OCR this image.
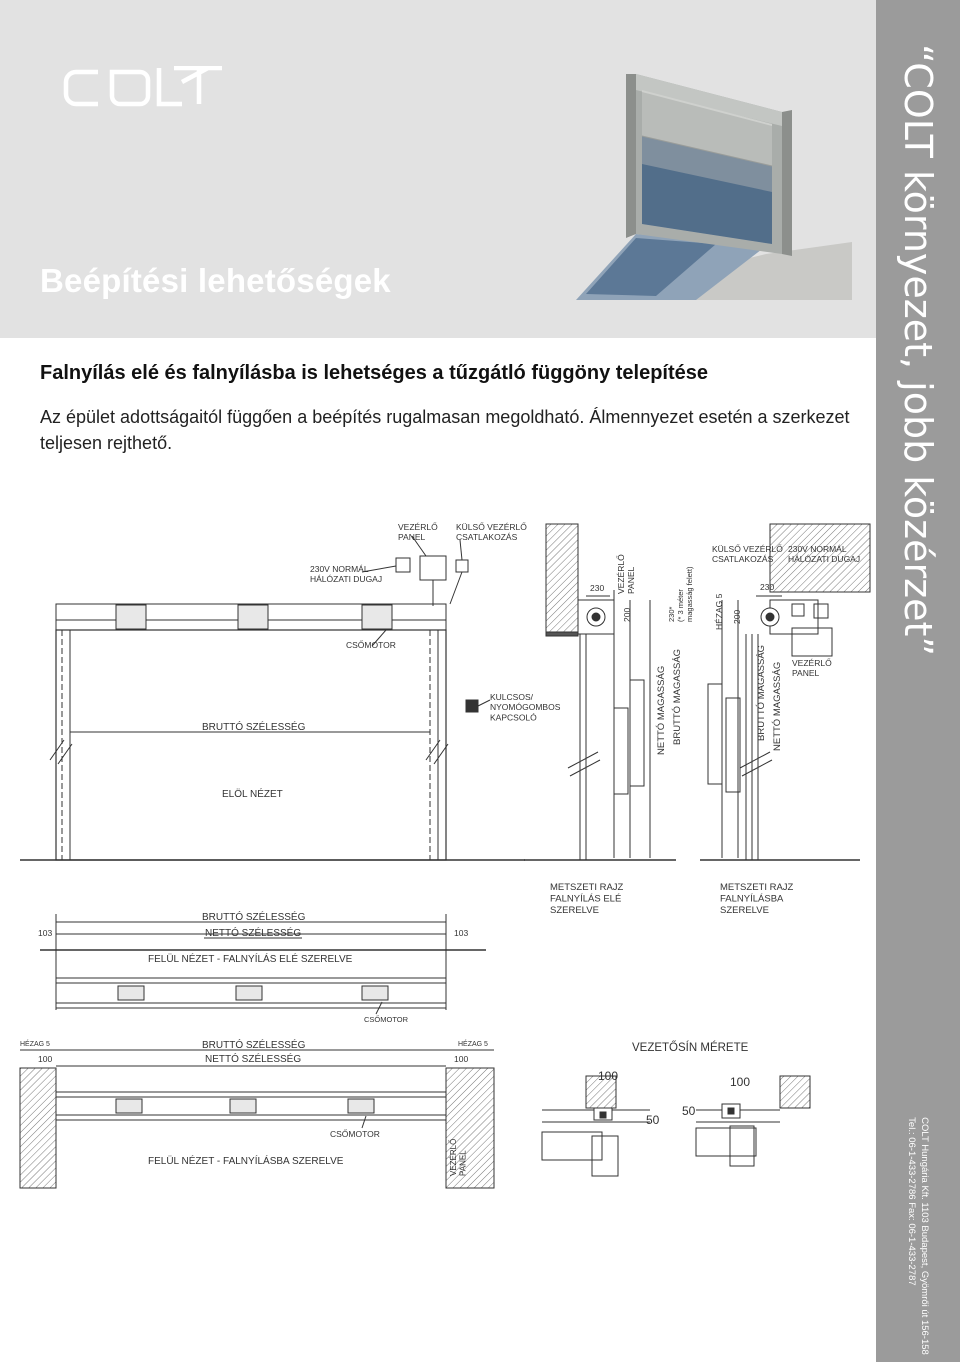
Beépítési lehetőségek	“COLT környezet, jobb közérzet”
COLT Hungária Kft. 1103 Budapest, Gyömrői út 156-158
Tel.: 06-1-433-2786 Fax: 06-1-433-2787
Falnyílás elé és falnyílásba is lehetséges a tűzgátló függöny telepítése
Az épület adottságaitól függően a beépítés rugalmasan megoldható. Álmennyezet esetén a szerkezet teljesen rejthető.
VEZÉRLŐ PANEL
KÜLSŐ VEZÉRLŐ CSATLAKOZÁS
230V NORMÁL HÁLÓZATI DUGAJ
CSŐMOTOR
BRUTTÓ SZÉLESSÉG
ELÖL NÉZET
KULCSOS/ NYOMÓGOMBOS KAPCSOLÓ
VEZÉRLŐPANEL
230
200	230*(* 3 métermagasság felett)
NETTÓ MAGASSÁG BRUTTÓ MAGASSÁG
METSZETI RAJZ FALNYÍLÁS ELÉ SZERELVE
KÜLSŐ VEZÉRLŐ CSATLAKOZÁS
230V NORMÁL HÁLÓZATI DUGAJ
230
HÉZAG 5 200
VEZÉRLŐ PANEL
BRUTTÓ MAGASSÁG NETTÓ MAGASSÁG
METSZETI RAJZ FALNYÍLÁSBA SZERELVE
103	103
BRUTTÓ SZÉLESSÉG
NETTÓ SZÉLESSÉG
FELÜL NÉZET - FALNYÍLÁS ELÉ SZERELVE
CSŐMOTOR
HÉZAG 5	HÉZAG 5
100	100
BRUTTÓ SZÉLESSÉG
NETTÓ SZÉLESSÉG
CSŐMOTOR
FELÜL NÉZET - FALNYÍLÁSBA SZERELVE	VEZÉRLŐPANEL
VEZETŐSÍN MÉRETE
100
50
50
100
